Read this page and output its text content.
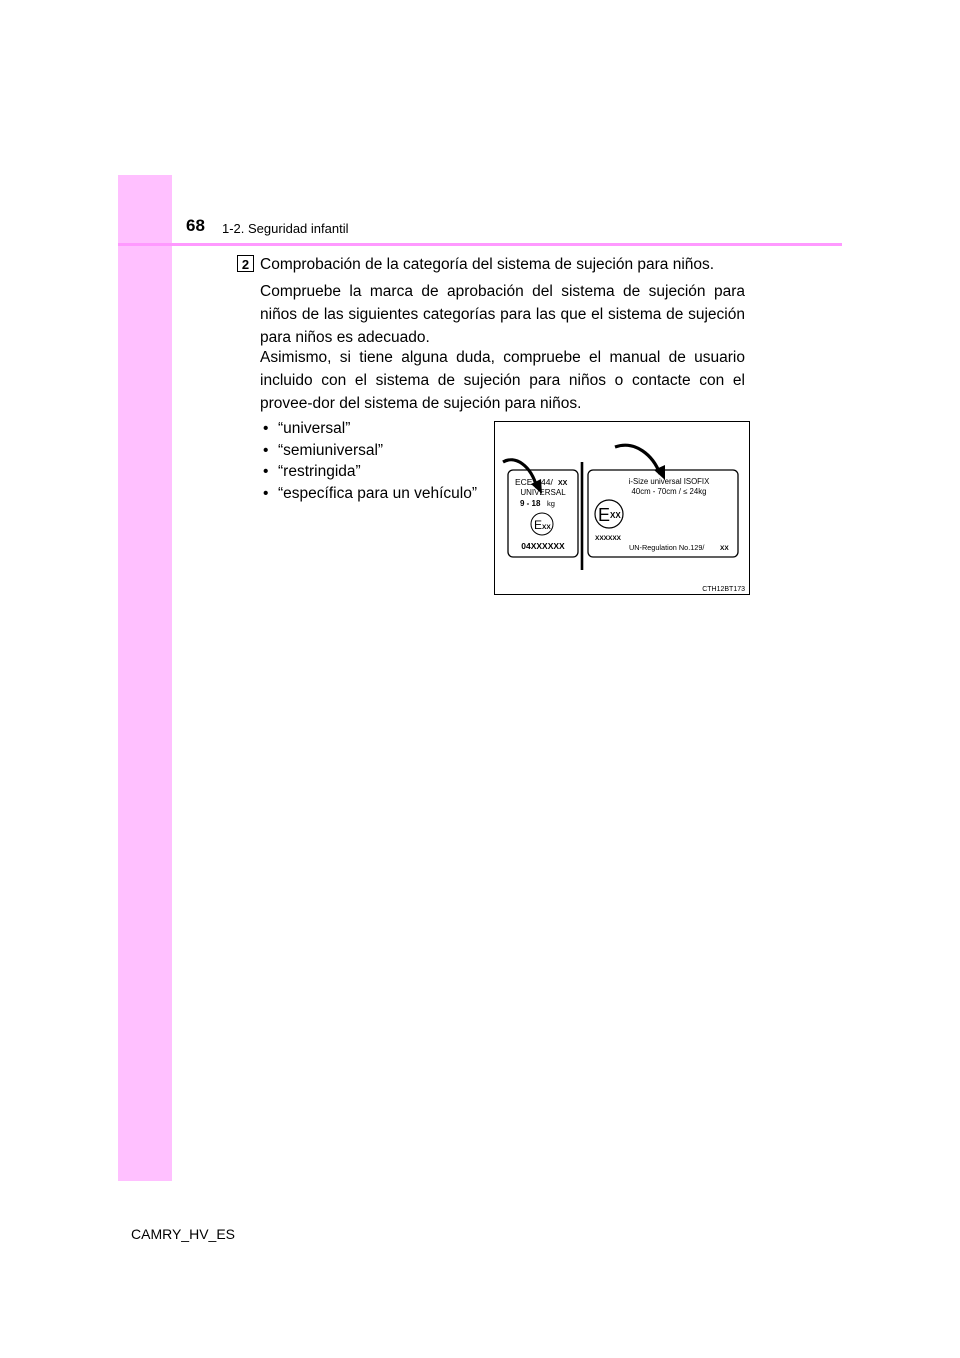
68 1-2. Seguridad infantil
2 Comprobación de la categoría del sistema de sujeción para niños.

Compruebe la marca de aprobación del sistema de sujeción para niños de las siguientes categorías para las que el sistema de sujeción para niños es adecuado.

Asimismo, si tiene alguna duda, compruebe el manual de usuario incluido con el sistema de sujeción para niños o contacte con el provee-dor del sistema de sujeción para niños.

• “universal”
• “semiuniversal”
• “restringida”
• “específica para un vehículo”
ECE 44/ XX
UNIVERSAL
9 - 18 kg
E XX
04XXXXXX
i-Size universal ISOFIX
40cm - 70cm / ≤ 24kg
E XX
XXXXXX
UN-Regulation No.129/ XX
CTH12BT173
CAMRY_HV_ES
